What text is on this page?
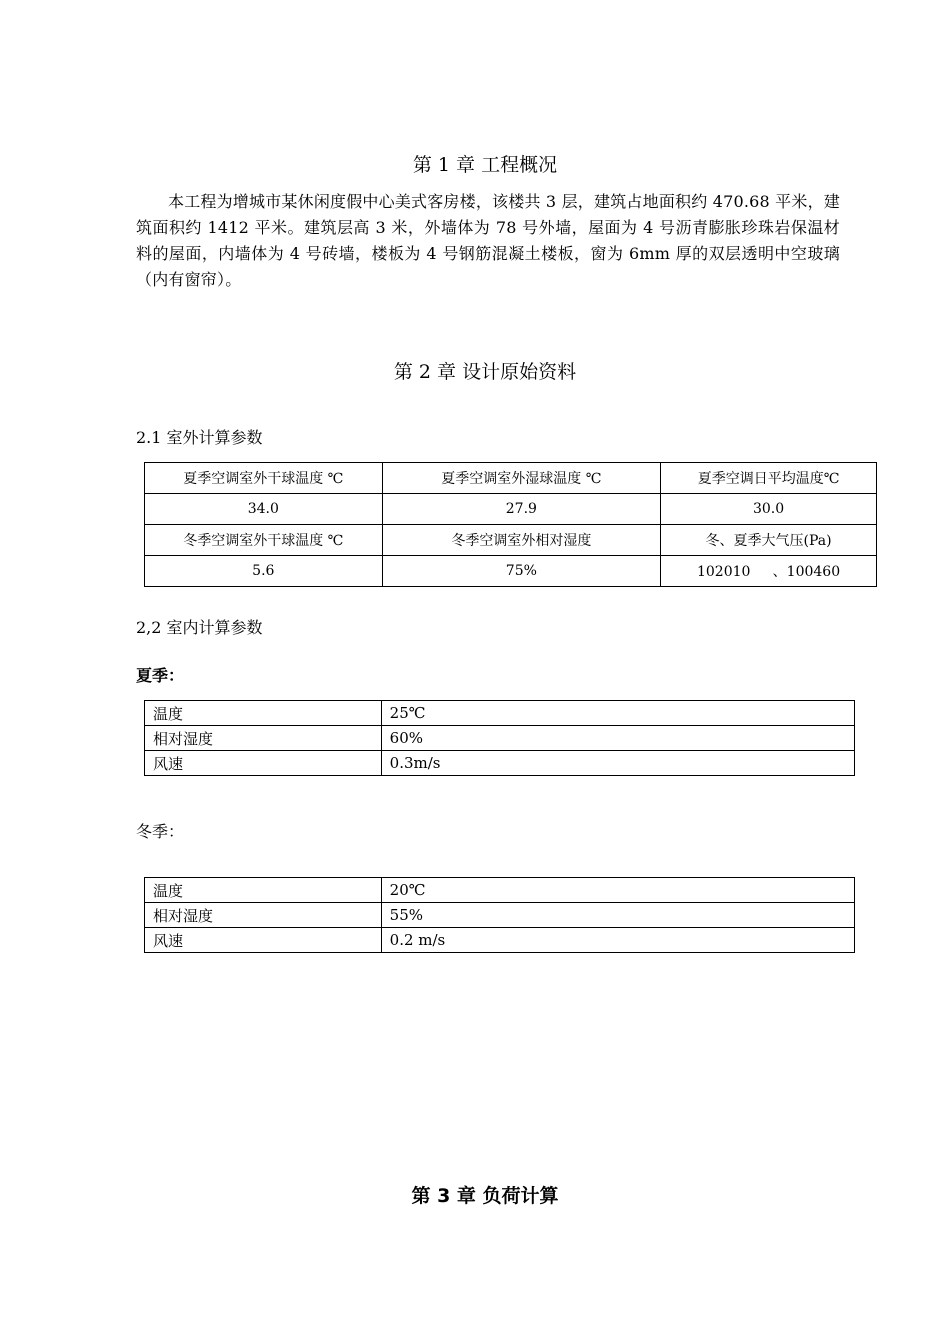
第 1 章 工程概况

本工程为增城市某休闲度假中心美式客房楼，该楼共 3 层，建筑占地面积约 470.68 平米，建筑面积约 1412 平米。建筑层高 3 米，外墙体为 78 号外墙，屋面为 4 号沥青膨胀珍珠岩保温材料的屋面，内墙体为 4 号砖墙，楼板为 4 号钢筋混凝土楼板，窗为 6mm 厚的双层透明中空玻璃（内有窗帘）。

第 2 章 设计原始资料
2.1 室外计算参数
夏季空调室外干球温度 ℃	夏季空调室外湿球温度 ℃	夏季空调日平均温度℃
34.0	27.9	30.0
冬季空调室外干球温度 ℃	冬季空调室外相对湿度	冬、夏季大气压(Pa)
5.6	75%	102010     、100460
2,2 室内计算参数
夏季：
温度	25℃
相对湿度	60%
风速	0.3m/s
冬季：
温度	20℃
相对湿度	55%
风速	0.2 m/s
第 3 章 负荷计算
